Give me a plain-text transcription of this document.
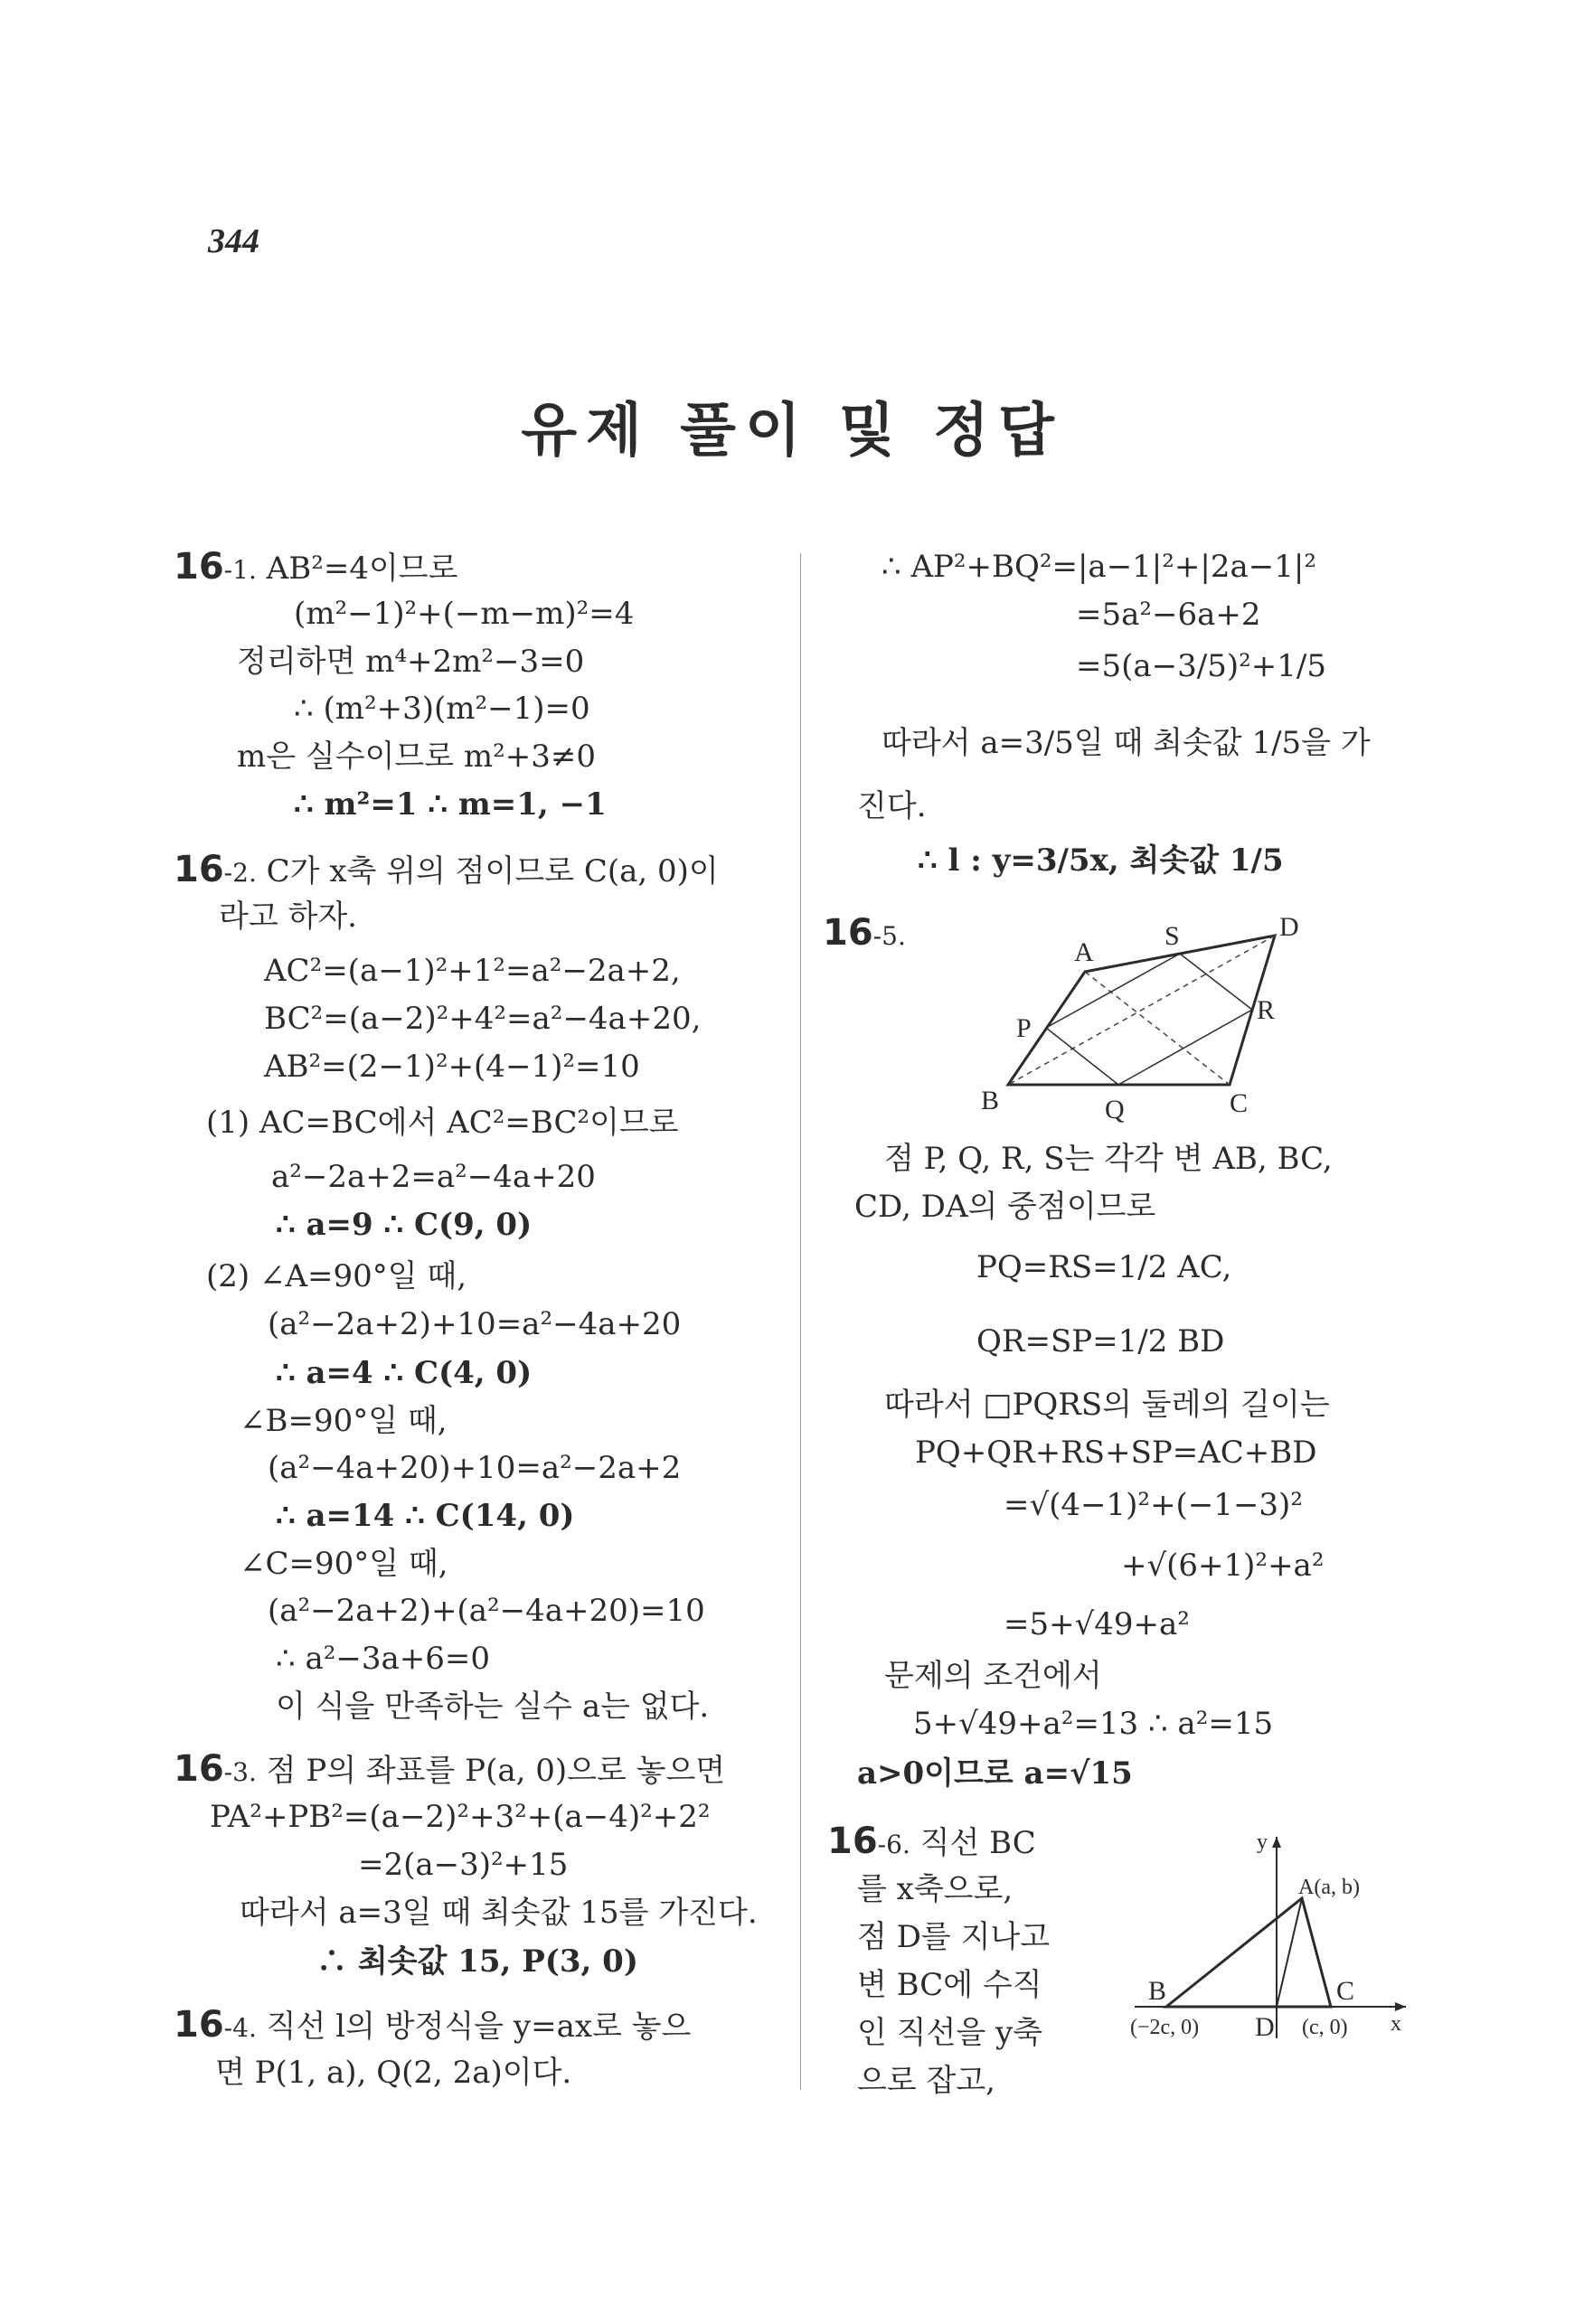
344
유제 풀이 및 정답
16-1. AB²=4이므로
(m²−1)²+(−m−m)²=4
정리하면 m⁴+2m²−3=0
∴ (m²+3)(m²−1)=0
m은 실수이므로 m²+3≠0
∴ m²=1 ∴ m=1, −1
16-2. C가 x축 위의 점이므로 C(a, 0)이
라고 하자.
AC²=(a−1)²+1²=a²−2a+2,
BC²=(a−2)²+4²=a²−4a+20,
AB²=(2−1)²+(4−1)²=10
(1) AC=BC에서 AC²=BC²이므로
a²−2a+2=a²−4a+20
∴ a=9 ∴ C(9, 0)
(2) ∠A=90°일 때,
(a²−2a+2)+10=a²−4a+20
∴ a=4 ∴ C(4, 0)
∠B=90°일 때,
(a²−4a+20)+10=a²−2a+2
∴ a=14 ∴ C(14, 0)
∠C=90°일 때,
(a²−2a+2)+(a²−4a+20)=10
∴ a²−3a+6=0
이 식을 만족하는 실수 a는 없다.
16-3. 점 P의 좌표를 P(a, 0)으로 놓으면
PA²+PB²=(a−2)²+3²+(a−4)²+2²
=2(a−3)²+15
따라서 a=3일 때 최솟값 15를 가진다.
∴ 최솟값 15, P(3, 0)
16-4. 직선 l의 방정식을 y=ax로 놓으
면 P(1, a), Q(2, 2a)이다.
∴ AP²+BQ²=|a−1|²+|2a−1|²
=5a²−6a+2
=5(a−3/5)²+1/5
따라서 a=3/5일 때 최솟값 1/5을 가
진다.
∴ l : y=3/5x, 최솟값 1/5
16-5.
A
S	D
P
R
B	Q	C
점 P, Q, R, S는 각각 변 AB, BC,
CD, DA의 중점이므로
PQ=RS=1/2 AC,
QR=SP=1/2 BD
따라서 □PQRS의 둘레의 길이는
PQ+QR+RS+SP=AC+BD
=√(4−1)²+(−1−3)²
+√(6+1)²+a²
=5+√49+a²
문제의 조건에서
5+√49+a²=13 ∴ a²=15
a>0이므로 a=√15
16-6. 직선 BC
를 x축으로,
점 D를 지나고
변 BC에 수직
인 직선을 y축
으로 잡고,
y
A(a, b)
B	C
(−2c, 0) D (c, 0) x
